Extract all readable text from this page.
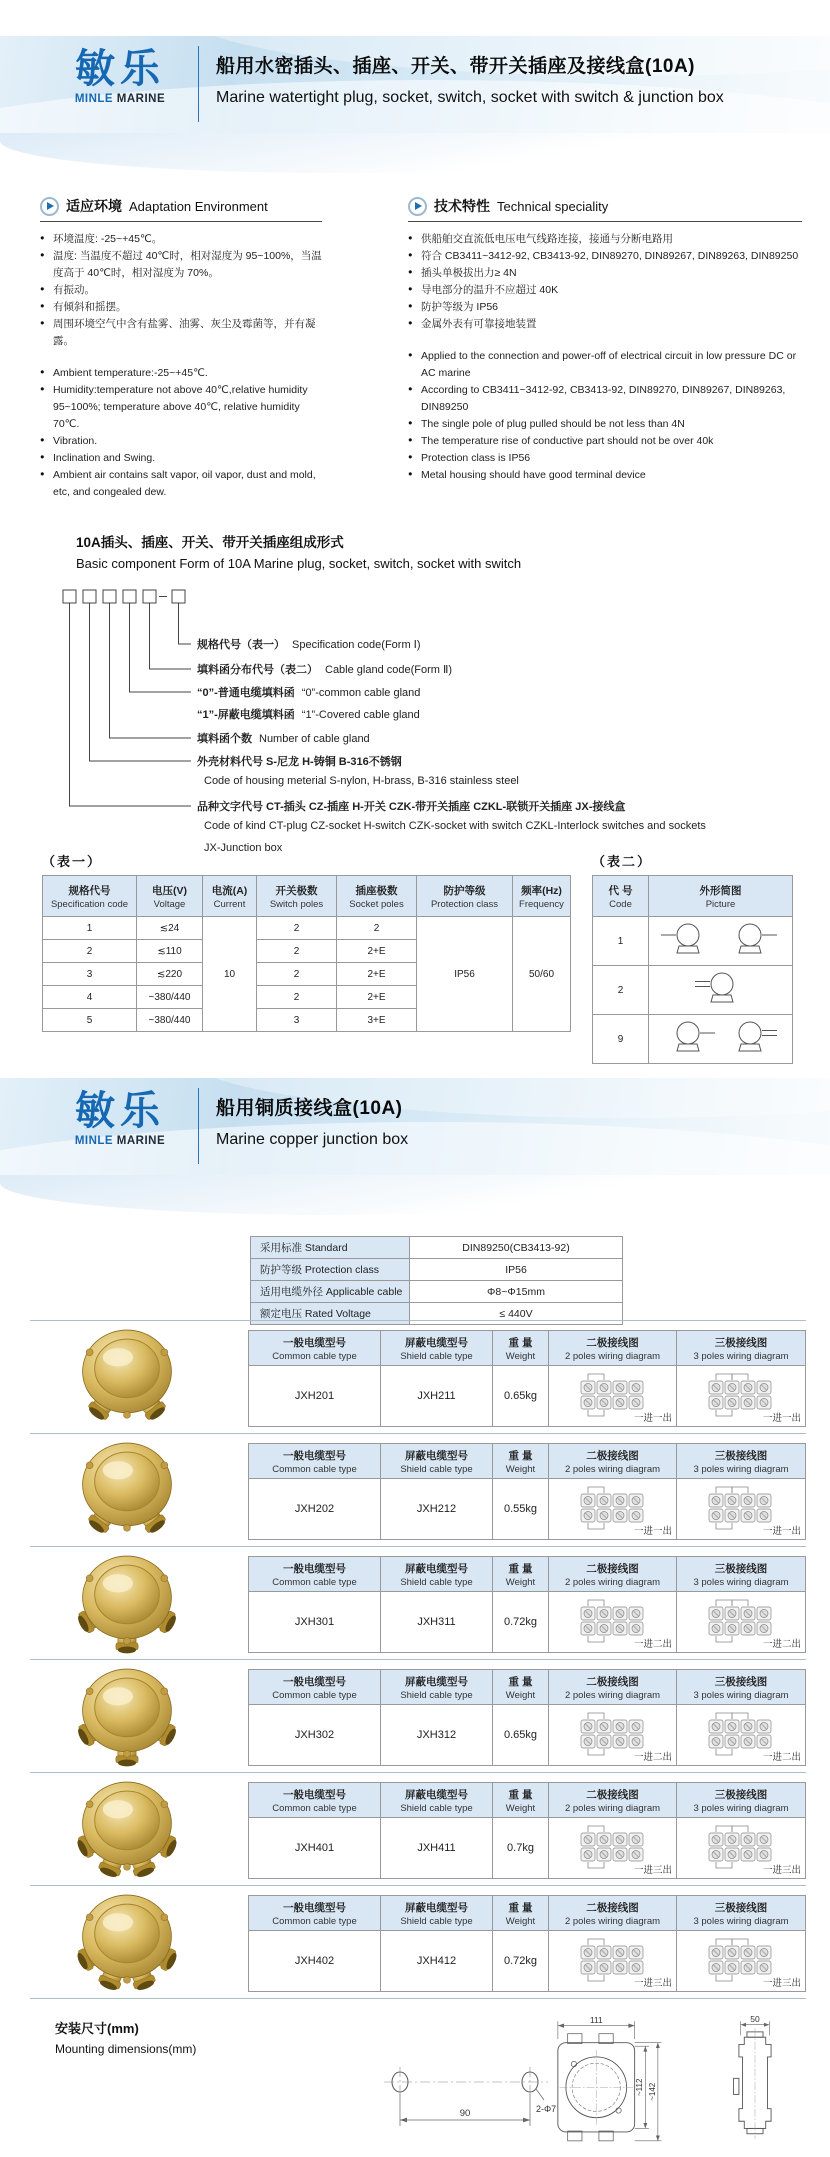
敏乐
MINLE MARINE
船用水密插头、插座、开关、带开关插座及接线盒(10A)
Marine watertight plug, socket, switch, socket with switch & junction box
适应环境 Adaptation Environment
● 环境温度: -25~+45℃。
● 温度: 当温度不超过 40℃时，相对湿度为 95~100%，当温度高于 40℃时，相对湿度为 70%。
● 有振动。
● 有倾斜和摇摆。
● 周围环境空气中含有盐雾、油雾、灰尘及霉菌等，并有凝露。
● Ambient temperature:-25~+45℃.
● Humidity:temperature not above 40℃,relative humidity 95~100%; temperature above 40℃, relative humidity 70℃.
● Vibration.
● Inclination and Swing.
● Ambient air contains salt vapor, oil vapor, dust and mold, etc, and congealed dew.
技术特性 Technical speciality
● 供船舶交直流低电压电气线路连接，接通与分断电路用
● 符合 CB3411~3412-92, CB3413-92, DIN89270, DIN89267, DIN89263, DIN89250
● 插头单极拔出力≥ 4N
● 导电部分的温升不应超过 40K
● 防护等级为 IP56
● 金属外表有可靠接地装置
● Applied to the connection and power-off of electrical circuit in low pressure DC or AC marine
● According to CB3411~3412-92, CB3413-92, DIN89270, DIN89267, DIN89263, DIN89250
● The single pole of plug pulled should be not less than 4N
● The temperature rise of conductive part should not be over 40k
● Protection class is IP56
● Metal housing should have good terminal device
10A插头、插座、开关、带开关插座组成形式
Basic component Form of 10A Marine plug, socket, switch, socket with switch
规格代号（表一） Specification code(Form Ⅰ)
填料函分布代号（表二） Cable gland code(Form Ⅱ)
“0”-普通电缆填料函 “0”-common cable gland
“1”-屏蔽电缆填料函 “1”-Covered cable gland
填料函个数 Number of cable gland
外壳材料代号 S-尼龙 H-铸铜 B-316不锈钢
Code of housing meterial S-nylon, H-brass, B-316 stainless steel
品种文字代号 CT-插头 CZ-插座 H-开关 CZK-带开关插座 CZKL-联锁开关插座 JX-接线盒
Code of kind CT-plug CZ-socket H-switch CZK-socket with switch CZKL-Interlock switches and sockets
JX-Junction box
（表一）
规格代号
Specification code

电压(V)
Voltage

电流(A)
Current

开关极数
Switch poles

插座极数
Socket poles

防护等级
Protection class

频率(Hz)
Frequency

1	≲24	10	2	2	IP56	50/60
2	≲110		2	2+E		
3	≲220		2	2+E		
4	~380/440		2	2+E		
5	~380/440		3	3+E		
（表二）
代 号
Code

外形简图
Picture

1	
2	
9	
敏乐
MINLE MARINE
船用铜质接线盒(10A)
Marine copper junction box
采用标准 Standard	DIN89250(CB3413-92)
防护等级 Protection class	IP56
适用电缆外径 Applicable cable	Φ8~Φ15mm
额定电压 Rated Voltage	≤ 440V
一般电缆型号
Common cable type

屏蔽电缆型号
Shield cable type

重 量
Weight

二极接线图
2 poles wiring diagram

三极接线图
3 poles wiring diagram

JXH201	JXH211	0.65kg	一进一出	一进一出
一般电缆型号
Common cable type

屏蔽电缆型号
Shield cable type

重 量
Weight

二极接线图
2 poles wiring diagram

三极接线图
3 poles wiring diagram

JXH202	JXH212	0.55kg	一进一出	一进一出
一般电缆型号
Common cable type

屏蔽电缆型号
Shield cable type

重 量
Weight

二极接线图
2 poles wiring diagram

三极接线图
3 poles wiring diagram

JXH301	JXH311	0.72kg	一进二出	一进二出
一般电缆型号
Common cable type

屏蔽电缆型号
Shield cable type

重 量
Weight

二极接线图
2 poles wiring diagram

三极接线图
3 poles wiring diagram

JXH302	JXH312	0.65kg	一进二出	一进二出
一般电缆型号
Common cable type

屏蔽电缆型号
Shield cable type

重 量
Weight

二极接线图
2 poles wiring diagram

三极接线图
3 poles wiring diagram

JXH401	JXH411	0.7kg	一进三出	一进三出
一般电缆型号
Common cable type

屏蔽电缆型号
Shield cable type

重 量
Weight

二极接线图
2 poles wiring diagram

三极接线图
3 poles wiring diagram

JXH402	JXH412	0.72kg	一进三出	一进三出
安装尺寸(mm)
Mounting dimensions(mm)
90	2-Φ7
111
~112 ~142
50
